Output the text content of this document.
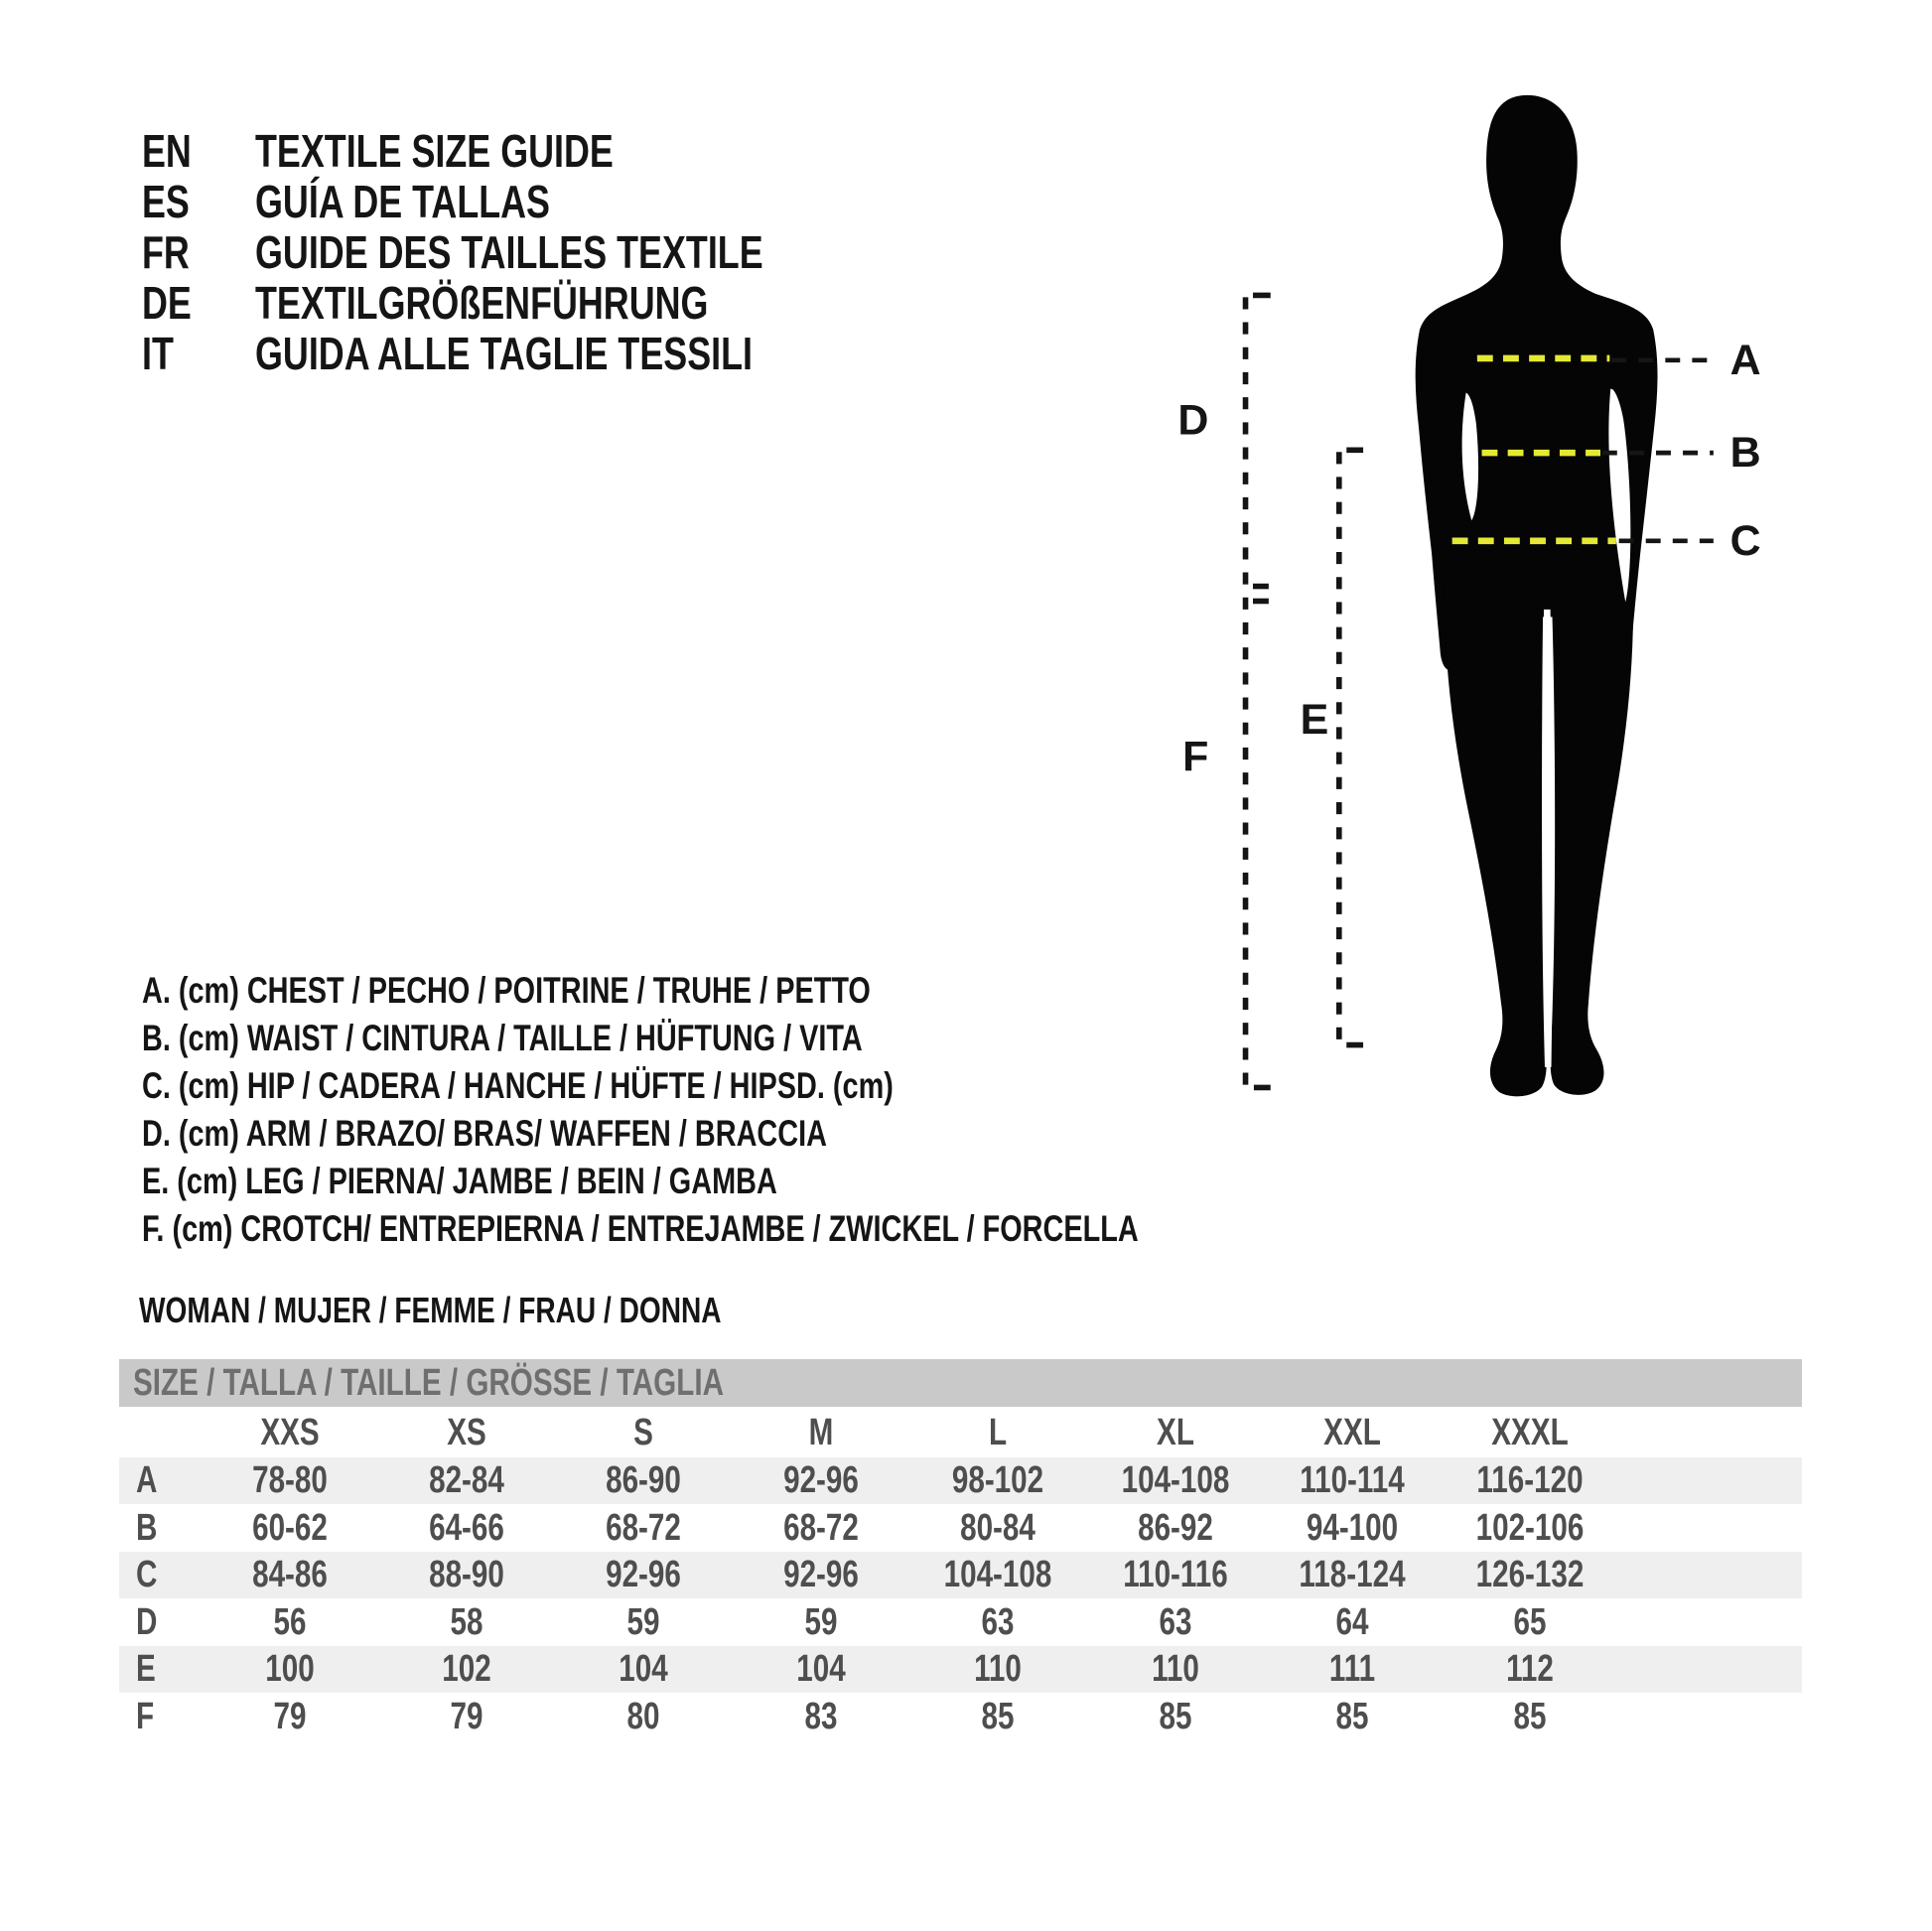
EN	TEXTILE SIZE GUIDE
ES GUÍA DE TALLAS
FR GUIDE DES TAILLES TEXTILE
DE	TEXTILGRÖßENFÜHRUNG
IT GUIDA ALLE TAGLIE TESSILI	A
B
C
D
E
F
A. (cm) CHEST / PECHO / POITRINE / TRUHE / PETTO
B. (cm) WAIST / CINTURA / TAILLE / HÜFTUNG / VITA
C. (cm) HIP / CADERA / HANCHE / HÜFTE / HIPSD. (cm)
D. (cm) ARM / BRAZO/ BRAS/ WAFFEN / BRACCIA
E. (cm) LEG / PIERNA/ JAMBE / BEIN / GAMBA
F. (cm) CROTCH/ ENTREPIERNA / ENTREJAMBE / ZWICKEL / FORCELLA
WOMAN / MUJER / FEMME / FRAU / DONNA
SIZE / TALLA / TAILLE / GRÖSSE / TAGLIA
XXS	XS	S	M	L	XL	XXL	XXXL
A	78-80	82-84	86-90	92-96	98-102	104-108	110-114	116-120
B	60-62	64-66	68-72	68-72	80-84	86-92	94-100	102-106
C	84-86	88-90	92-96	92-96	104-108	110-116	118-124	126-132
D	56	58	59	59	63	63	64	65
E	100	102	104	104	110	110	111	112
F	79	79	80	83	85	85	85	85
